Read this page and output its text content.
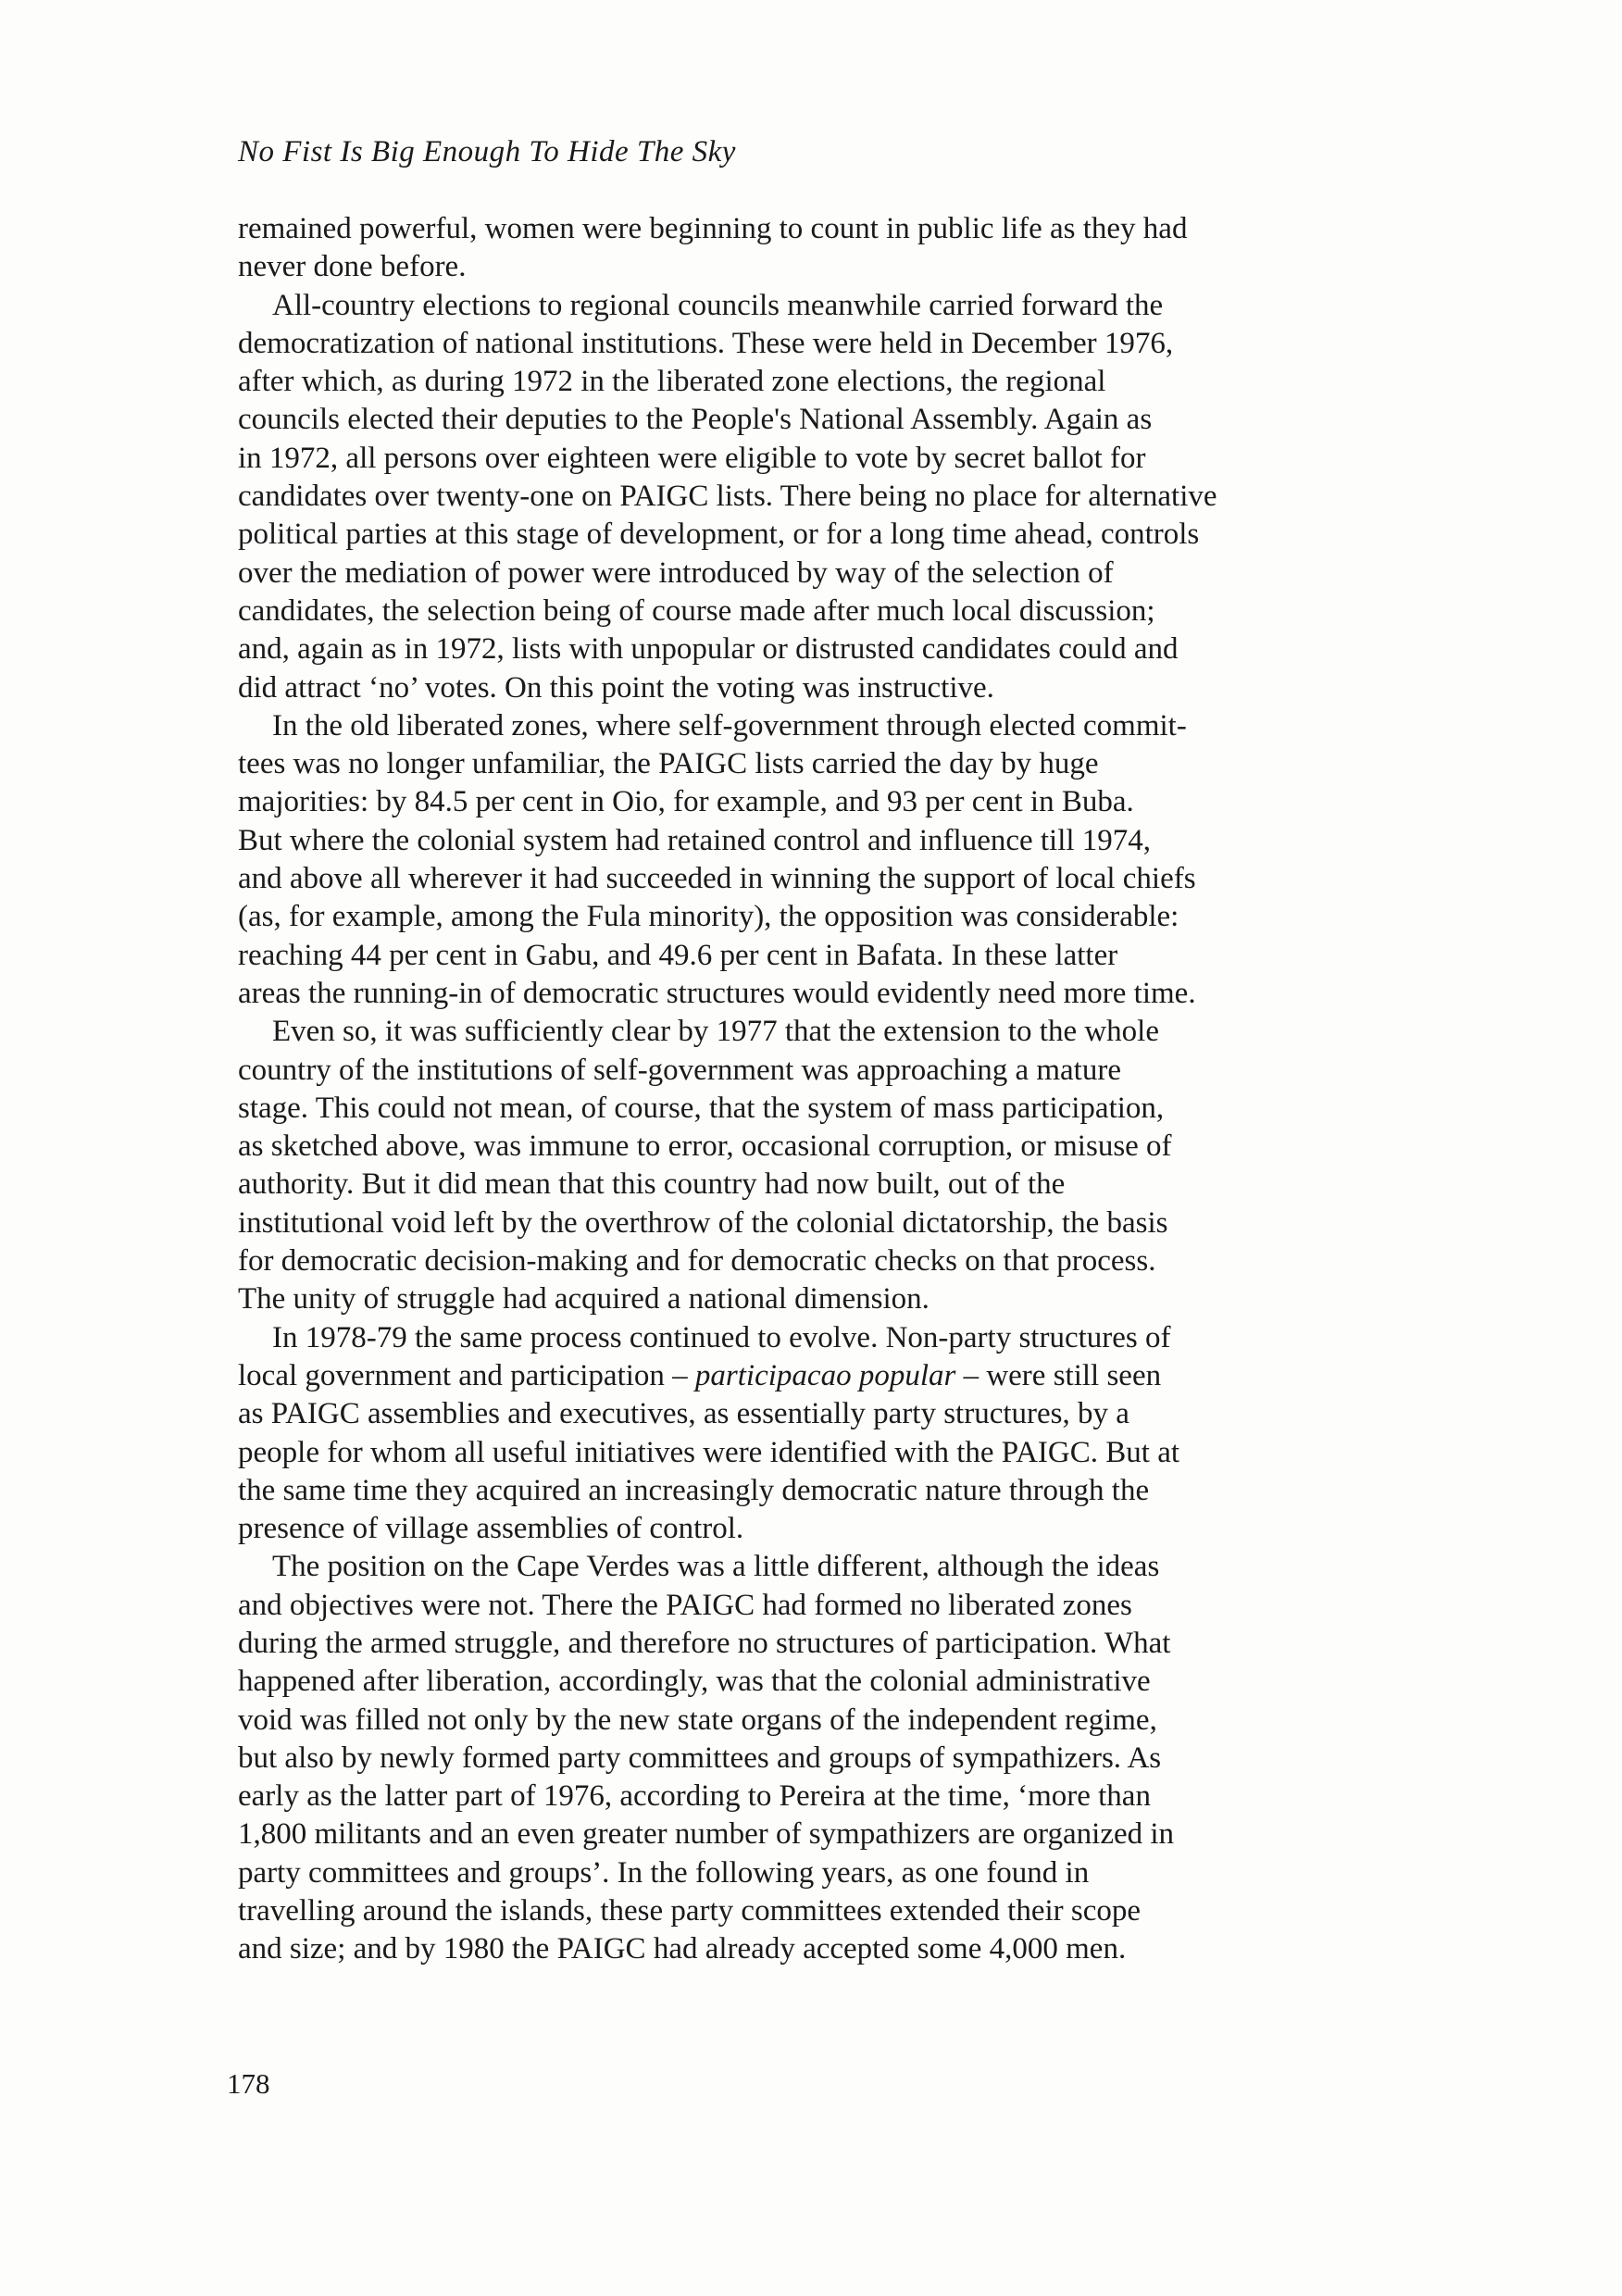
No Fist Is Big Enough To Hide The Sky
remained powerful, women were beginning to count in public life as they had
never done before.
All-country elections to regional councils meanwhile carried forward the
democratization of national institutions. These were held in December 1976,
after which, as during 1972 in the liberated zone elections, the regional
councils elected their deputies to the People's National Assembly. Again as
in 1972, all persons over eighteen were eligible to vote by secret ballot for
candidates over twenty-one on PAIGC lists. There being no place for alternative
political parties at this stage of development, or for a long time ahead, controls
over the mediation of power were introduced by way of the selection of
candidates, the selection being of course made after much local discussion;
and, again as in 1972, lists with unpopular or distrusted candidates could and
did attract ‘no’ votes. On this point the voting was instructive.
In the old liberated zones, where self-government through elected commit-
tees was no longer unfamiliar, the PAIGC lists carried the day by huge
majorities: by 84.5 per cent in Oio, for example, and 93 per cent in Buba.
But where the colonial system had retained control and influence till 1974,
and above all wherever it had succeeded in winning the support of local chiefs
(as, for example, among the Fula minority), the opposition was considerable:
reaching 44 per cent in Gabu, and 49.6 per cent in Bafata. In these latter
areas the running-in of democratic structures would evidently need more time.
Even so, it was sufficiently clear by 1977 that the extension to the whole
country of the institutions of self-government was approaching a mature
stage. This could not mean, of course, that the system of mass participation,
as sketched above, was immune to error, occasional corruption, or misuse of
authority. But it did mean that this country had now built, out of the
institutional void left by the overthrow of the colonial dictatorship, the basis
for democratic decision-making and for democratic checks on that process.
The unity of struggle had acquired a national dimension.
In 1978-79 the same process continued to evolve. Non-party structures of
local government and participation – participacao popular – were still seen
as PAIGC assemblies and executives, as essentially party structures, by a
people for whom all useful initiatives were identified with the PAIGC. But at
the same time they acquired an increasingly democratic nature through the
presence of village assemblies of control.
The position on the Cape Verdes was a little different, although the ideas
and objectives were not. There the PAIGC had formed no liberated zones
during the armed struggle, and therefore no structures of participation. What
happened after liberation, accordingly, was that the colonial administrative
void was filled not only by the new state organs of the independent regime,
but also by newly formed party committees and groups of sympathizers. As
early as the latter part of 1976, according to Pereira at the time, ‘more than
1,800 militants and an even greater number of sympathizers are organized in
party committees and groups’. In the following years, as one found in
travelling around the islands, these party committees extended their scope
and size; and by 1980 the PAIGC had already accepted some 4,000 men.
178
